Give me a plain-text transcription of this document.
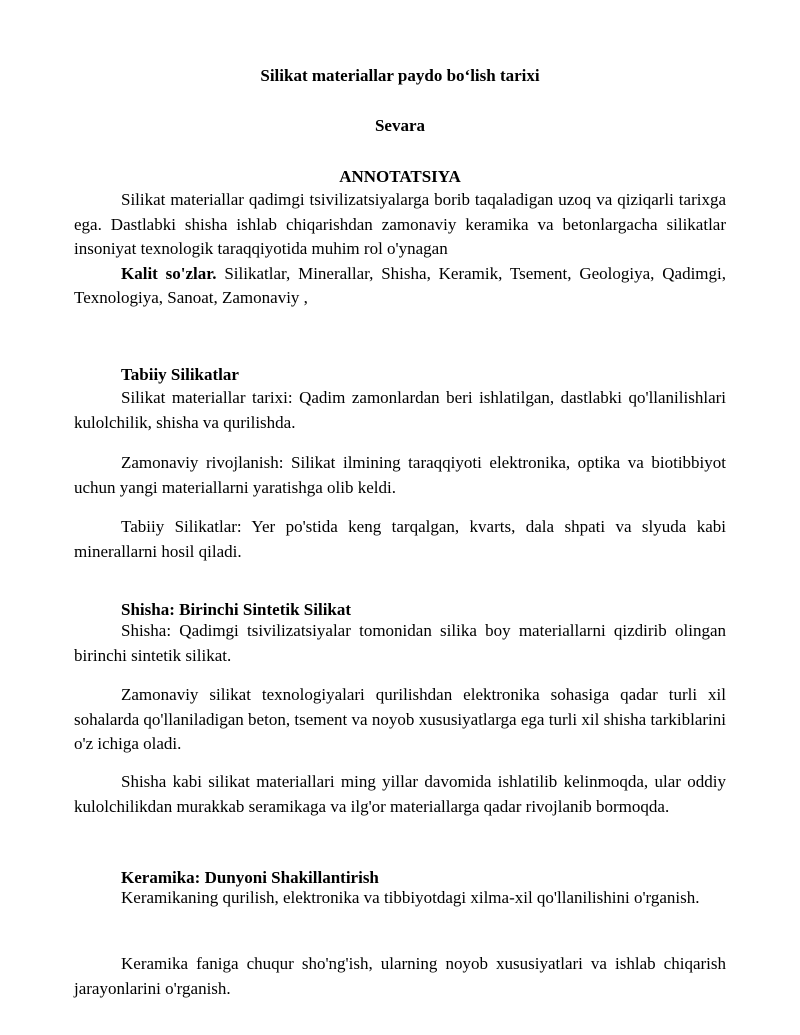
Silikat materiallar paydo bo‘lish tarixi
Sevara
ANNOTATSIYA

Silikat materiallar qadimgi tsivilizatsiyalarga borib taqaladigan uzoq va qiziqarli tarixga ega. Dastlabki shisha ishlab chiqarishdan zamonaviy keramika va betonlargacha silikatlar insoniyat texnologik taraqqiyotida muhim rol o'ynagan

Kalit so'zlar. Silikatlar, Minerallar, Shisha, Keramik, Tsement, Geologiya, Qadimgi, Texnologiya, Sanoat, Zamonaviy ,

Tabiiy Silikatlar

Silikat materiallar tarixi: Qadim zamonlardan beri ishlatilgan, dastlabki qo'llanilishlari kulolchilik, shisha va qurilishda.

Zamonaviy rivojlanish: Silikat ilmining taraqqiyoti elektronika, optika va biotibbiyot uchun yangi materiallarni yaratishga olib keldi.

Tabiiy Silikatlar: Yer po'stida keng tarqalgan, kvarts, dala shpati va slyuda kabi minerallarni hosil qiladi.

Shisha: Birinchi Sintetik Silikat

Shisha: Qadimgi tsivilizatsiyalar tomonidan silika boy materiallarni qizdirib olingan birinchi sintetik silikat.

Zamonaviy silikat texnologiyalari qurilishdan elektronika sohasiga qadar turli xil sohalarda qo'llaniladigan beton, tsement va noyob xususiyatlarga ega turli xil shisha tarkiblarini o'z ichiga oladi.

Shisha kabi silikat materiallari ming yillar davomida ishlatilib kelinmoqda, ular oddiy kulolchilikdan murakkab seramikaga va ilg'or materiallarga qadar rivojlanib bormoqda.

Keramika: Dunyoni Shakillantirish

Keramikaning qurilish, elektronika va tibbiyotdagi xilma-xil qo'llanilishini o'rganish.

Keramika faniga chuqur sho'ng'ish, ularning noyob xususiyatlari va ishlab chiqarish jarayonlarini o'rganish.
